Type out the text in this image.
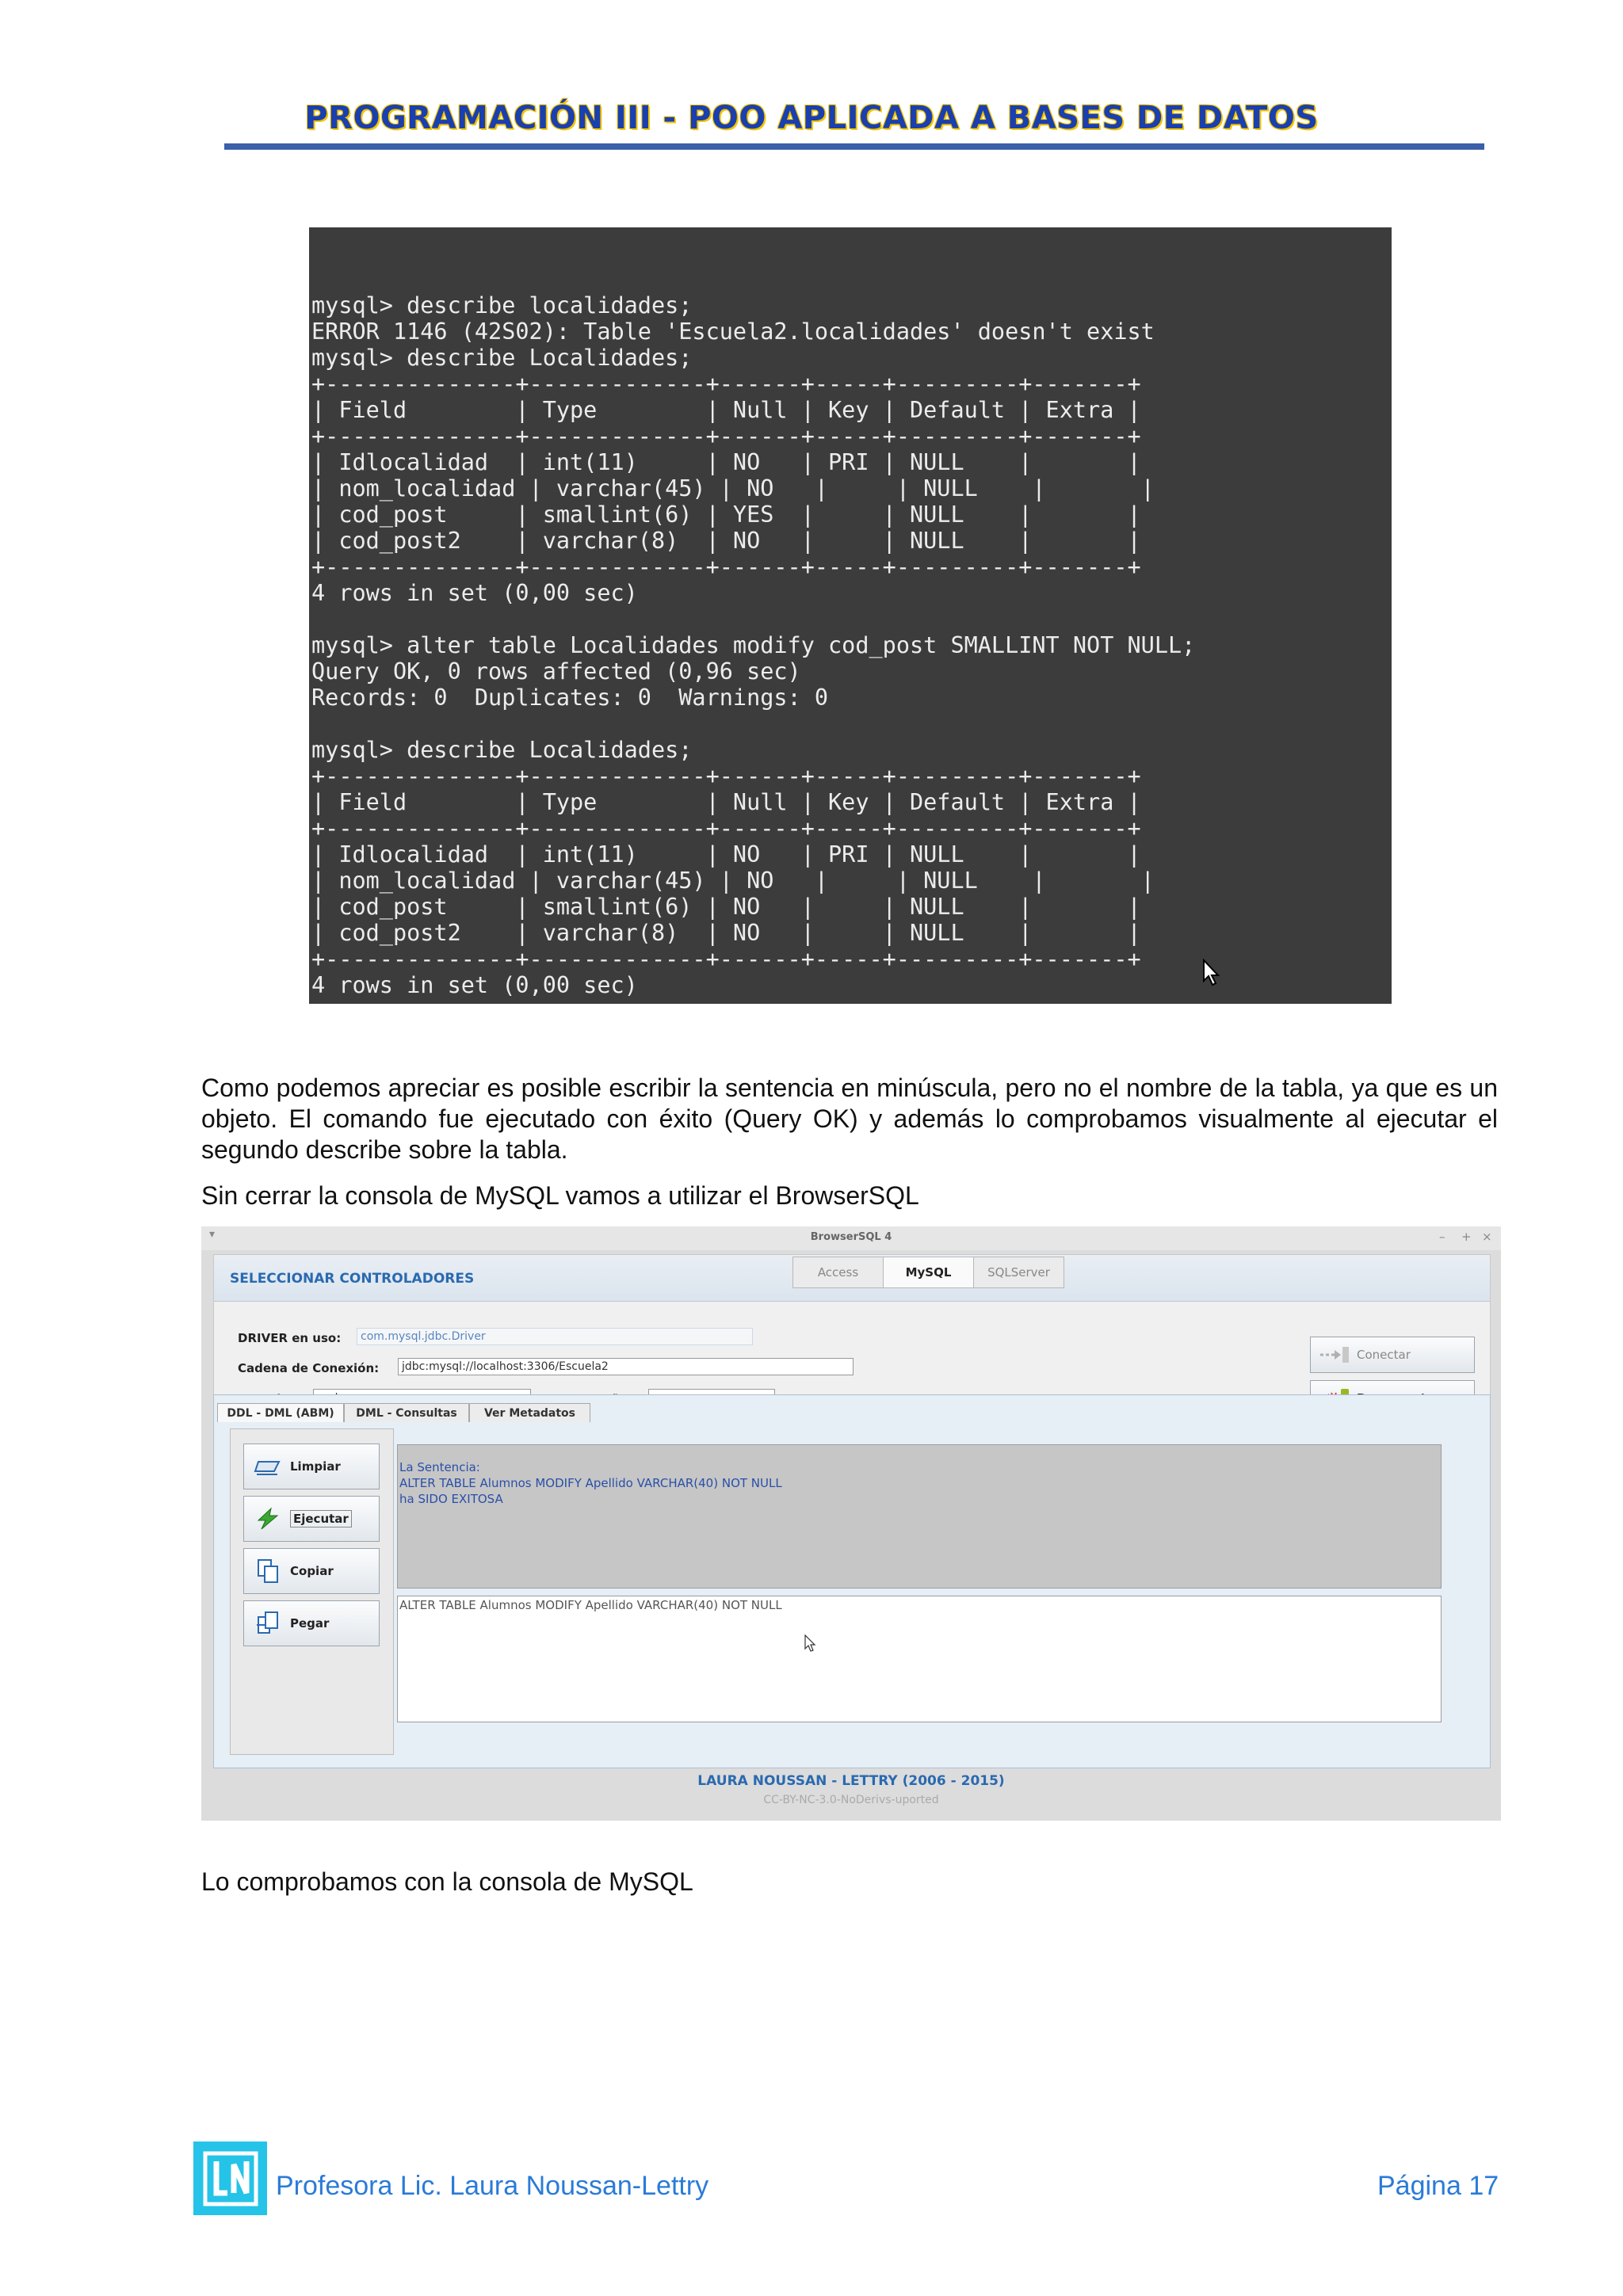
PROGRAMACIÓN III - POO APLICADA A BASES DE DATOS

mysql> describe localidades;
ERROR 1146 (42S02): Table 'Escuela2.localidades' doesn't exist
mysql> describe Localidades;
+--------------+-------------+------+-----+---------+-------+
| Field        | Type        | Null | Key | Default | Extra |
+--------------+-------------+------+-----+---------+-------+
| Idlocalidad  | int(11)     | NO   | PRI | NULL    |       |
| nom_localidad | varchar(45) | NO   |     | NULL    |       |
| cod_post     | smallint(6) | YES  |     | NULL    |       |
| cod_post2    | varchar(8)  | NO   |     | NULL    |       |
+--------------+-------------+------+-----+---------+-------+
4 rows in set (0,00 sec)
mysql> alter table Localidades modify cod_post SMALLINT NOT NULL;
Query OK, 0 rows affected (0,96 sec)
Records: 0  Duplicates: 0  Warnings: 0
mysql> describe Localidades;
+--------------+-------------+------+-----+---------+-------+
| Field        | Type        | Null | Key | Default | Extra |
+--------------+-------------+------+-----+---------+-------+
| Idlocalidad  | int(11)     | NO   | PRI | NULL    |       |
| nom_localidad | varchar(45) | NO   |     | NULL    |       |
| cod_post     | smallint(6) | NO   |     | NULL    |       |
| cod_post2    | varchar(8)  | NO   |     | NULL    |       |
+--------------+-------------+------+-----+---------+-------+
4 rows in set (0,00 sec)

Como podemos apreciar es posible escribir la sentencia en minúscula, pero no el nombre de la tabla, ya que es un objeto. El comando fue ejecutado con éxito (Query OK) y además lo comprobamos visualmente al ejecutar el segundo describe sobre la tabla.
Sin cerrar la consola de MySQL vamos a utilizar el BrowserSQL
▾	BrowserSQL 4	– + ×
SELECCIONAR CONTROLADORES	Access	MySQL	SQLServer
DRIVER en uso:	com.mysql.jdbc.Driver
Cadena de Conexión:	jdbc:mysql://localhost:3306/Escuela2
Conectar
DDL - DML (ABM)	DML - Consultas	Ver Metadatos
Limpiar
Ejecutar
Copiar
Pegar
La Sentencia:
ALTER TABLE Alumnos MODIFY Apellido VARCHAR(40) NOT NULL
ha SIDO EXITOSA
ALTER TABLE Alumnos MODIFY Apellido VARCHAR(40) NOT NULL
LAURA NOUSSAN - LETTRY (2006 - 2015)
CC-BY-NC-3.0-NoDerivs-uported
Lo comprobamos con la consola de MySQL
Profesora Lic. Laura Noussan-Lettry	Página 17
